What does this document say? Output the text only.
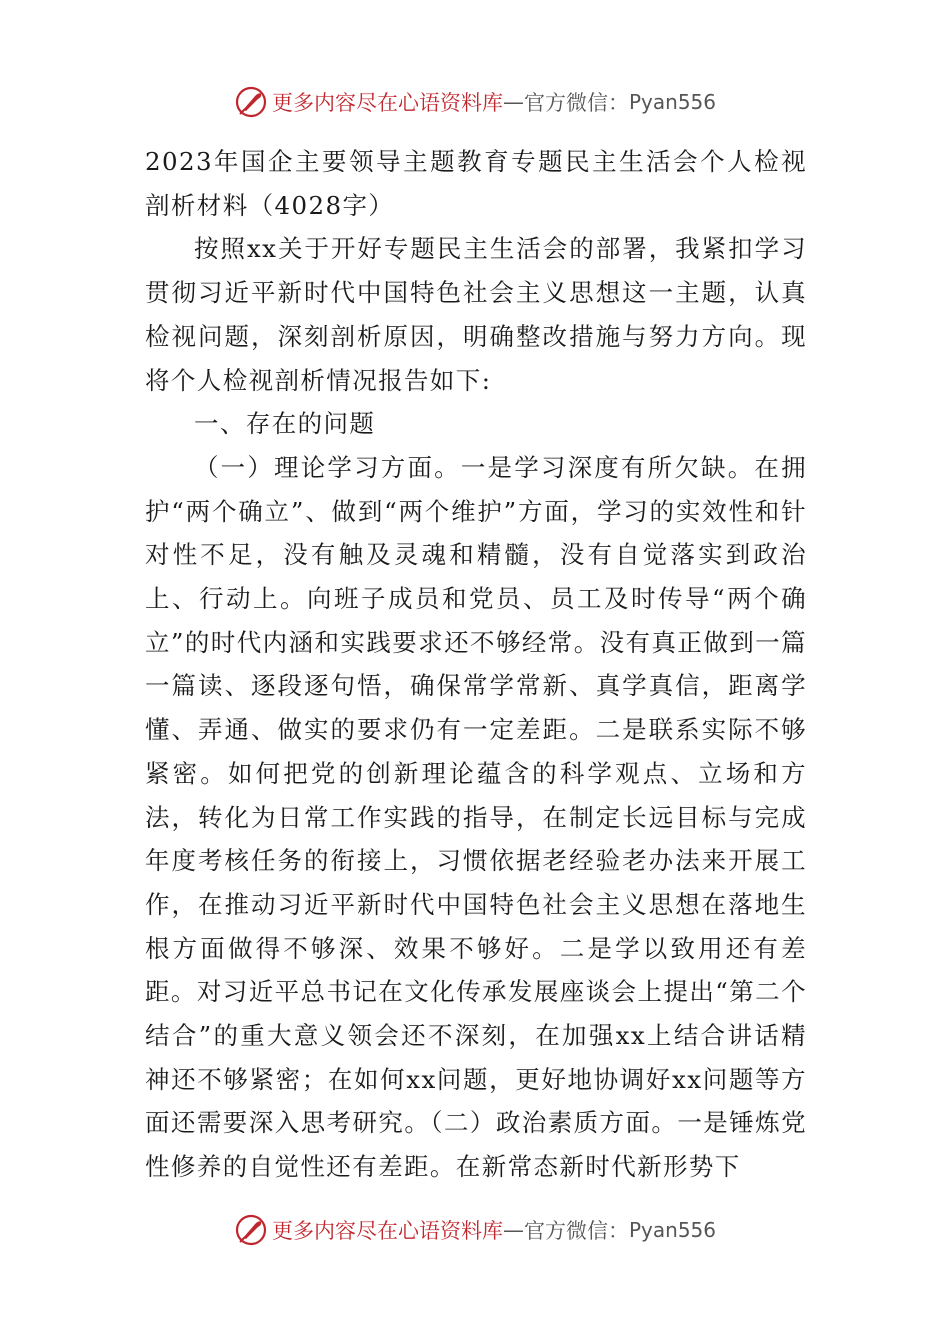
更多内容尽在心语资料库 — 官方微信： Pyan556

2023年国企主要领导主题教育专题民主生活会个人检视剖析材料（4028字）

按照xx关于开好专题民主生活会的部署，我紧扣学习贯彻习近平新时代中国特色社会主义思想这一主题，认真检视问题，深刻剖析原因，明确整改措施与努力方向。现将个人检视剖析情况报告如下:

一、存在的问题

（一）理论学习方面。一是学习深度有所欠缺。在拥护“两个确立”、做到“两个维护”方面，学习的实效性和针对性不足，没有触及灵魂和精髓，没有自觉落实到政治上、行动上。向班子成员和党员、员工及时传导“两个确立”的时代内涵和实践要求还不够经常。没有真正做到一篇一篇读、逐段逐句悟，确保常学常新、真学真信，距离学懂、弄通、做实的要求仍有一定差距。二是联系实际不够紧密。如何把党的创新理论蕴含的科学观点、立场和方法，转化为日常工作实践的指导，在制定长远目标与完成年度考核任务的衔接上，习惯依据老经验老办法来开展工作，在推动习近平新时代中国特色社会主义思想在落地生根方面做得不够深、效果不够好。二是学以致用还有差距。对习近平总书记在文化传承发展座谈会上提出“第二个结合”的重大意义领会还不深刻，在加强xx上结合讲话精神还不够紧密；在如何xx问题，更好地协调好xx问题等方面还需要深入思考研究。（二）政治素质方面。一是锤炼党性修养的自觉性还有差距。在新常态新时代新形势下

更多内容尽在心语资料库 — 官方微信： Pyan556
